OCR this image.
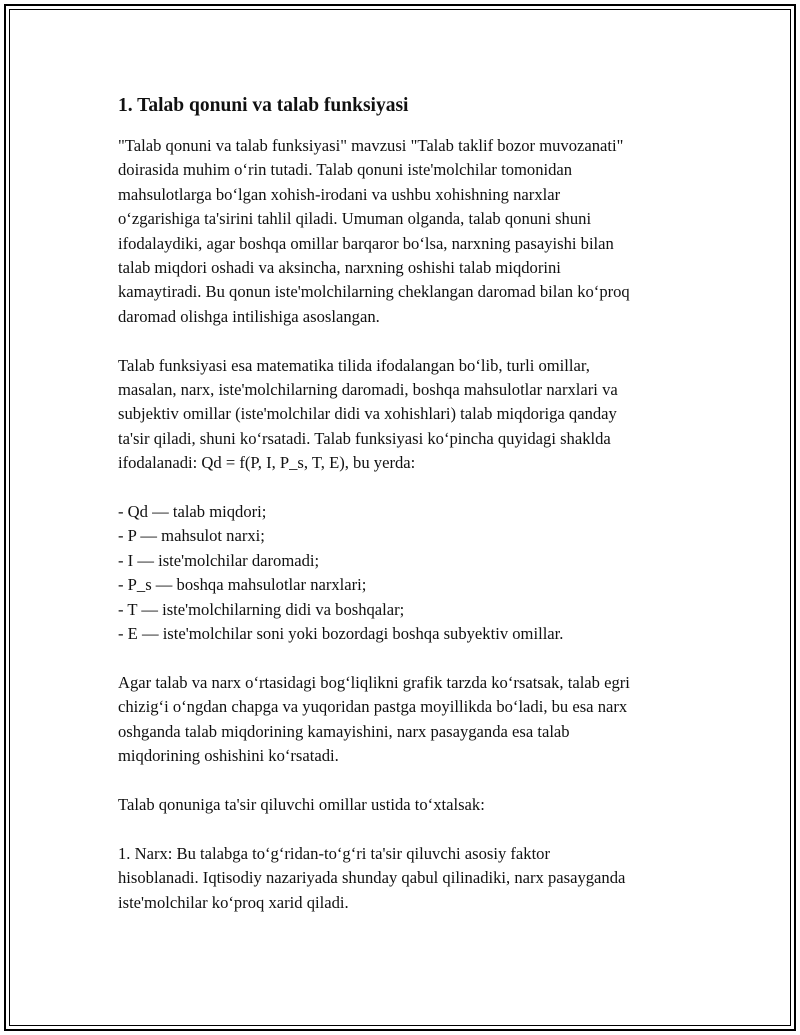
1. Talab qonuni va talab funksiyasi

"Talab qonuni va talab funksiyasi" mavzusi "Talab taklif bozor muvozanati"
doirasida muhim oʻrin tutadi. Talab qonuni iste'molchilar tomonidan
mahsulotlarga boʻlgan xohish-irodani va ushbu xohishning narxlar
oʻzgarishiga ta'sirini tahlil qiladi. Umuman olganda, talab qonuni shuni
ifodalaydiki, agar boshqa omillar barqaror boʻlsa, narxning pasayishi bilan
talab miqdori oshadi va aksincha, narxning oshishi talab miqdorini
kamaytiradi. Bu qonun iste'molchilarning cheklangan daromad bilan koʻproq
daromad olishga intilishiga asoslangan.

Talab funksiyasi esa matematika tilida ifodalangan boʻlib, turli omillar,
masalan, narx, iste'molchilarning daromadi, boshqa mahsulotlar narxlari va
subjektiv omillar (iste'molchilar didi va xohishlari) talab miqdoriga qanday
ta'sir qiladi, shuni koʻrsatadi. Talab funksiyasi koʻpincha quyidagi shaklda
ifodalanadi: Qd = f(P, I, P_s, T, E), bu yerda:

- Qd — talab miqdori;
- P — mahsulot narxi;
- I — iste'molchilar daromadi;
- P_s — boshqa mahsulotlar narxlari;
- T — iste'molchilarning didi va boshqalar;
- E — iste'molchilar soni yoki bozordagi boshqa subyektiv omillar.

Agar talab va narx oʻrtasidagi bogʻliqlikni grafik tarzda koʻrsatsak, talab egri
chizigʻi oʻngdan chapga va yuqoridan pastga moyillikda boʻladi, bu esa narx
oshganda talab miqdorining kamayishini, narx pasayganda esa talab
miqdorining oshishini koʻrsatadi.

Talab qonuniga ta'sir qiluvchi omillar ustida toʻxtalsak:

1. Narx: Bu talabga toʻgʻridan-toʻgʻri ta'sir qiluvchi asosiy faktor
hisoblanadi. Iqtisodiy nazariyada shunday qabul qilinadiki, narx pasayganda
iste'molchilar koʻproq xarid qiladi.
